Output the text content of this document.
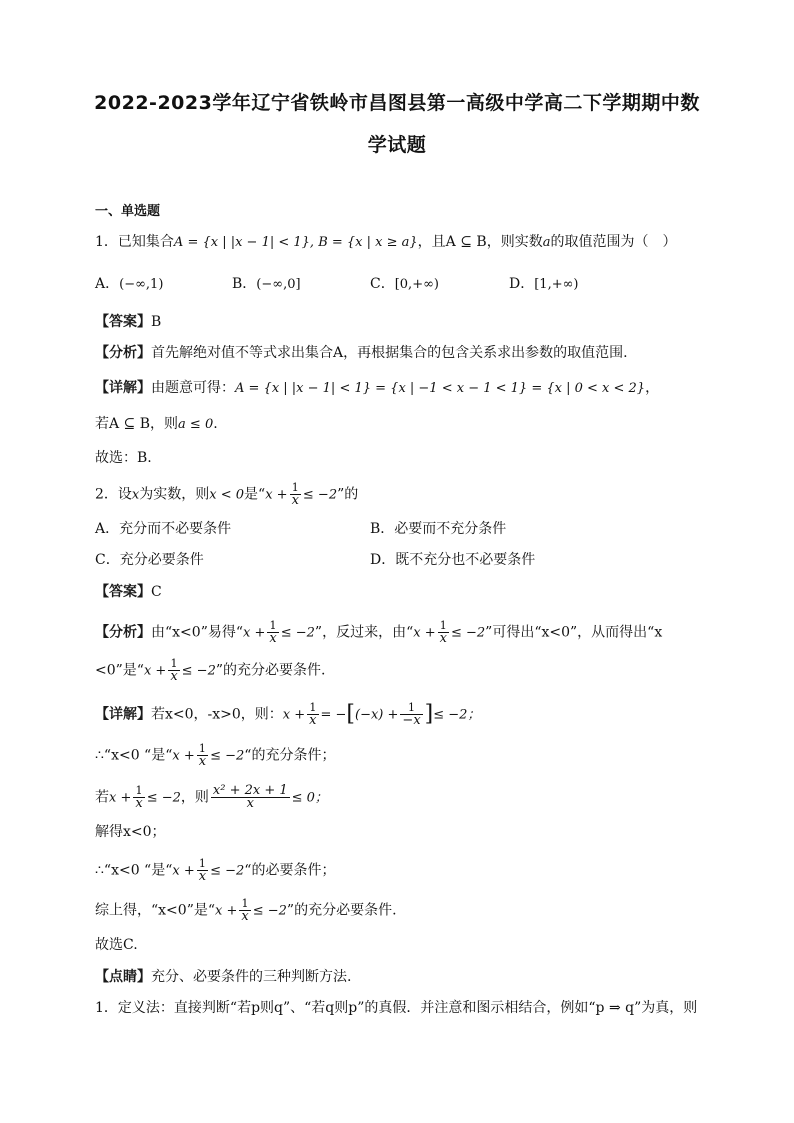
2022-2023学年辽宁省铁岭市昌图县第一高级中学高二下学期期中数
学试题
一、单选题
1．已知集合A = {x | |x − 1| < 1}, B = {x | x ≥ a}，且A ⊆ B，则实数a的取值范围为（　）
A．(−∞,1)	B．(−∞,0]	C．[0,+∞)	D．[1,+∞)
【答案】B
【分析】首先解绝对值不等式求出集合A，再根据集合的包含关系求出参数的取值范围.
【详解】由题意可得：A = {x | |x − 1| < 1} = {x | −1 < x − 1 < 1} = {x | 0 < x < 2}，
若A ⊆ B，则a ≤ 0.
故选：B.
2．设x为实数，则x < 0是“$x + \frac{1}{x} \le -2$”的
A．充分而不必要条件	B．必要而不充分条件
C．充分必要条件	D．既不充分也不必要条件
【答案】C
【分析】由“x<0”易得“$x + \frac{1}{x} \le -2$”，反过来，由“$x + \frac{1}{x} \le -2$”可得出“x<0”，从而得出“x
<0”是“$x + \frac{1}{x} \le -2$”的充分必要条件.
【详解】若x<0，-x>0，则：$x + \frac{1}{x} = -[(-x) + \frac{1}{-x}$ ]≤ −2；
∴“x<0 “是“$x + \frac{1}{x}$ ≤ −2“的充分条件；
若$x + \frac{1}{x} \le -2$，则 $\frac{\text{x² + 2x + 1}}{x} \le 0$；
解得x<0；
∴“x<0 “是“$x + \frac{1}{x}$ ≤ −2“的必要条件；
综上得，“x<0”是“$x + \frac{1}{x} \le -2$”的充分必要条件.
故选C.
【点睛】充分、必要条件的三种判断方法.
1．定义法：直接判断“若p则q”、“若q则p”的真假．并注意和图示相结合，例如“p ⇒ q”为真，则
